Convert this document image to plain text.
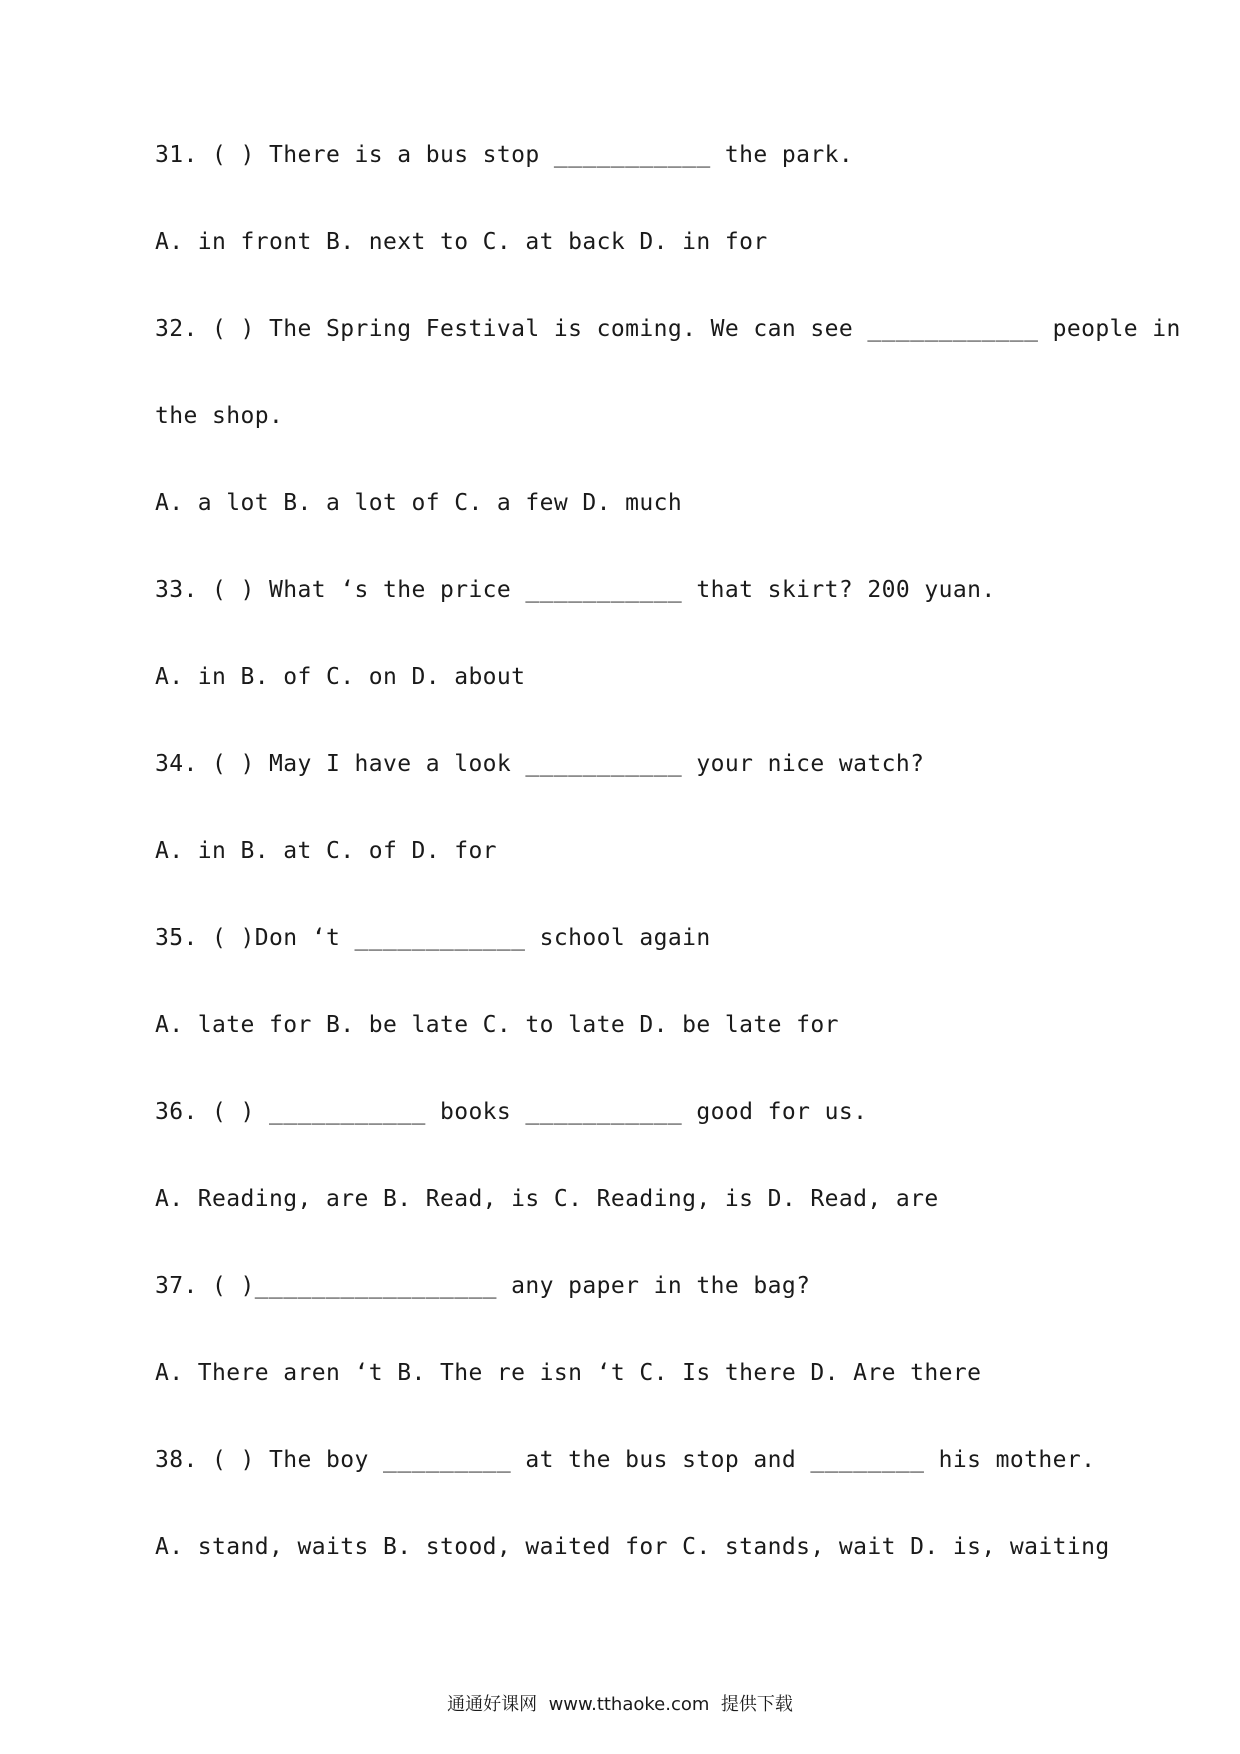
31. ( ) There is a bus stop ___________ the park.
A. in front B. next to C. at back D. in for
32. ( ) The Spring Festival is coming. We can see ____________ people in
the shop.
A. a lot B. a lot of C. a few D. much
33. ( ) What ‘s the price ___________ that skirt? 200 yuan.
A. in B. of C. on D. about
34. ( ) May I have a look ___________ your nice watch?
A. in B. at C. of D. for
35. ( )Don ‘t ____________ school again
A. late for B. be late C. to late D. be late for
36. ( ) ___________ books ___________ good for us.
A. Reading, are B. Read, is C. Reading, is D. Read, are
37. ( )_________________ any paper in the bag?
A. There aren ‘t B. The re isn ‘t C. Is there D. Are there
38. ( ) The boy _________ at the bus stop and ________ his mother.
A. stand, waits B. stood, waited for C. stands, wait D. is, waiting
通通好课网  www.tthaoke.com  提供下载
